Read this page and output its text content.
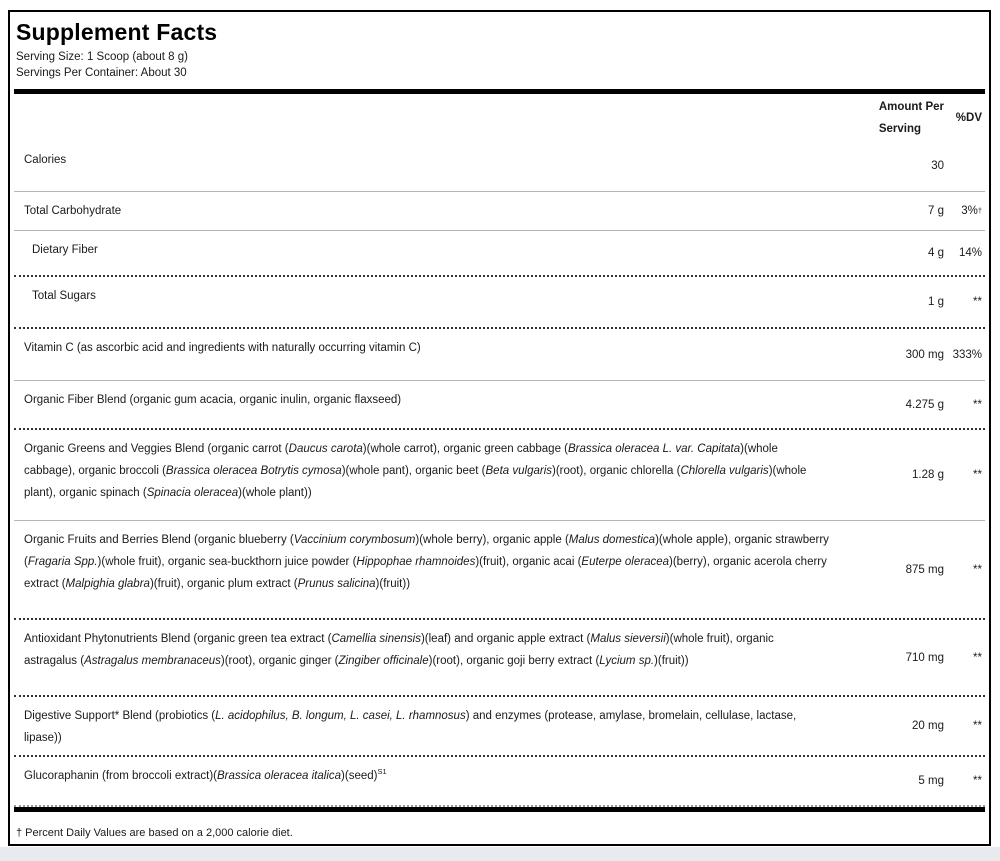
Supplement Facts
Serving Size: 1 Scoop (about 8 g)
Servings Per Container: About 30
Amount Per
Serving
%DV
Calories	30
Total Carbohydrate	7 g	3% †
Dietary Fiber	4 g	14%
Total Sugars	1 g	**
Vitamin C (as ascorbic acid and ingredients with naturally occurring vitamin C)
300 mg 333%
Organic Fiber Blend (organic gum acacia, organic inulin, organic flaxseed)	4.275 g	**
Organic Greens and Veggies Blend (organic carrot (Daucus carota)(whole carrot), organic green cabbage (Brassica oleracea L. var. Capitata)(whole cabbage), organic broccoli (Brassica oleracea Botrytis cymosa)(whole pant), organic beet (Beta vulgaris)(root), organic chlorella (Chlorella vulgaris)(whole plant), organic spinach (Spinacia oleracea)(whole plant))
1.28 g	**
Organic Fruits and Berries Blend (organic blueberry (Vaccinium corymbosum)(whole berry), organic apple (Malus domestica)(whole apple), organic strawberry (Fragaria Spp.)(whole fruit), organic sea-buckthorn juice powder (Hippophae rhamnoides)(fruit), organic acai (Euterpe oleracea)(berry), organic acerola cherry extract (Malpighia glabra)(fruit), organic plum extract (Prunus salicina)(fruit))
875 mg	**
Antioxidant Phytonutrients Blend (organic green tea extract (Camellia sinensis)(leaf) and organic apple extract (Malus sieversii)(whole fruit), organic astragalus (Astragalus membranaceus)(root), organic ginger (Zingiber officinale)(root), organic goji berry extract (Lycium sp.)(fruit))	710 mg	**
Digestive Support* Blend (probiotics (L. acidophilus, B. longum, L. casei, L. rhamnosus) and enzymes (protease, amylase, bromelain, cellulase, lactase, lipase))
20 mg	**
Glucoraphanin (from broccoli extract)(Brassica oleracea italica)(seed)$^{S1}$
5 mg	**
† Percent Daily Values are based on a 2,000 calorie diet.
